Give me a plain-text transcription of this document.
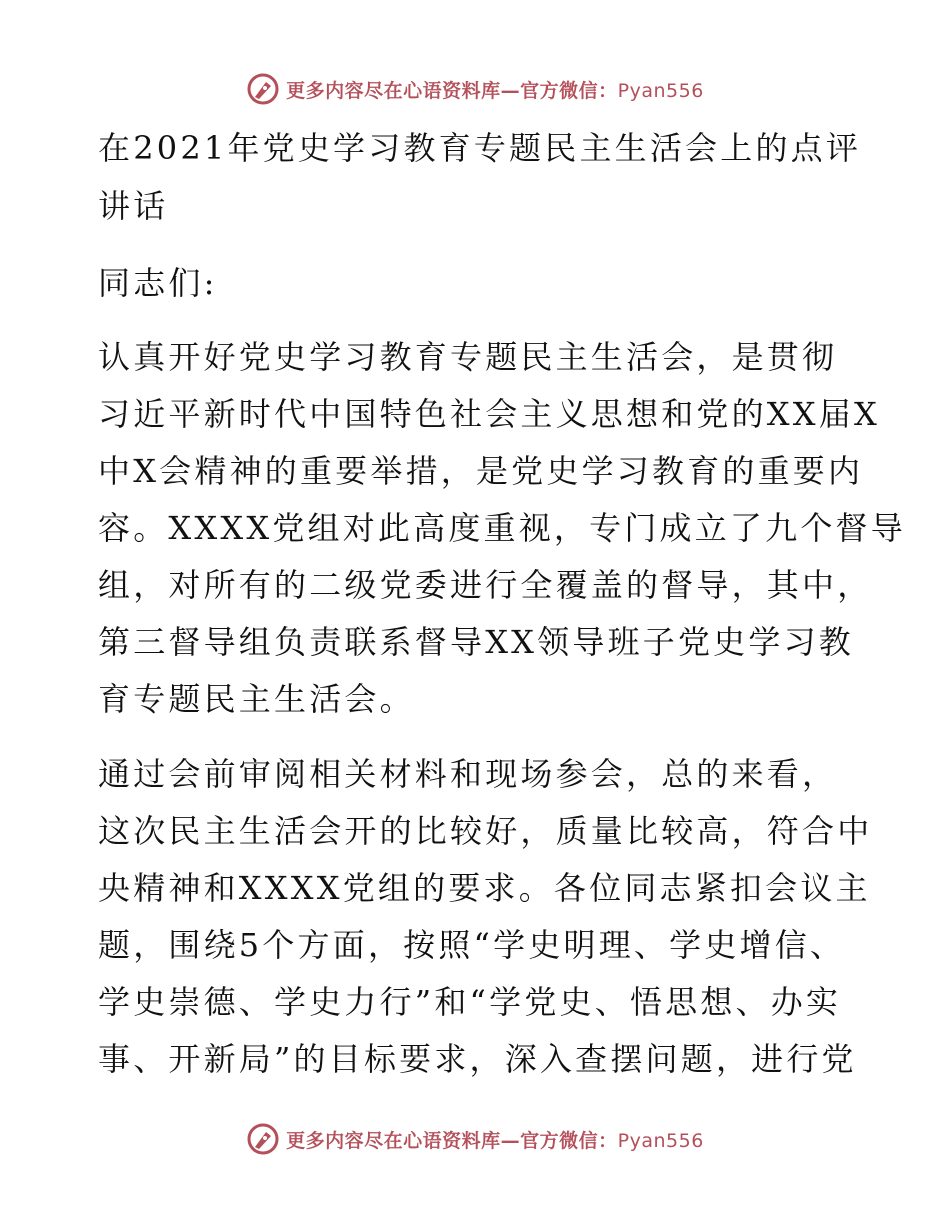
更多内容尽在心语资料库—官方微信：Pyan556
在2021年党史学习教育专题民主生活会上的点评
讲话
同志们:
认真开好党史学习教育专题民主生活会，是贯彻
习近平新时代中国特色社会主义思想和党的XX届X
中X会精神的重要举措，是党史学习教育的重要内
容。XXXX党组对此高度重视，专门成立了九个督导
组，对所有的二级党委进行全覆盖的督导，其中，
第三督导组负责联系督导XX领导班子党史学习教
育专题民主生活会。
通过会前审阅相关材料和现场参会，总的来看，
这次民主生活会开的比较好，质量比较高，符合中
央精神和XXXX党组的要求。各位同志紧扣会议主
题，围绕5个方面，按照“学史明理、学史增信、
学史崇德、学史力行”和“学党史、悟思想、办实
事、开新局”的目标要求，深入查摆问题，进行党
更多内容尽在心语资料库—官方微信：Pyan556
